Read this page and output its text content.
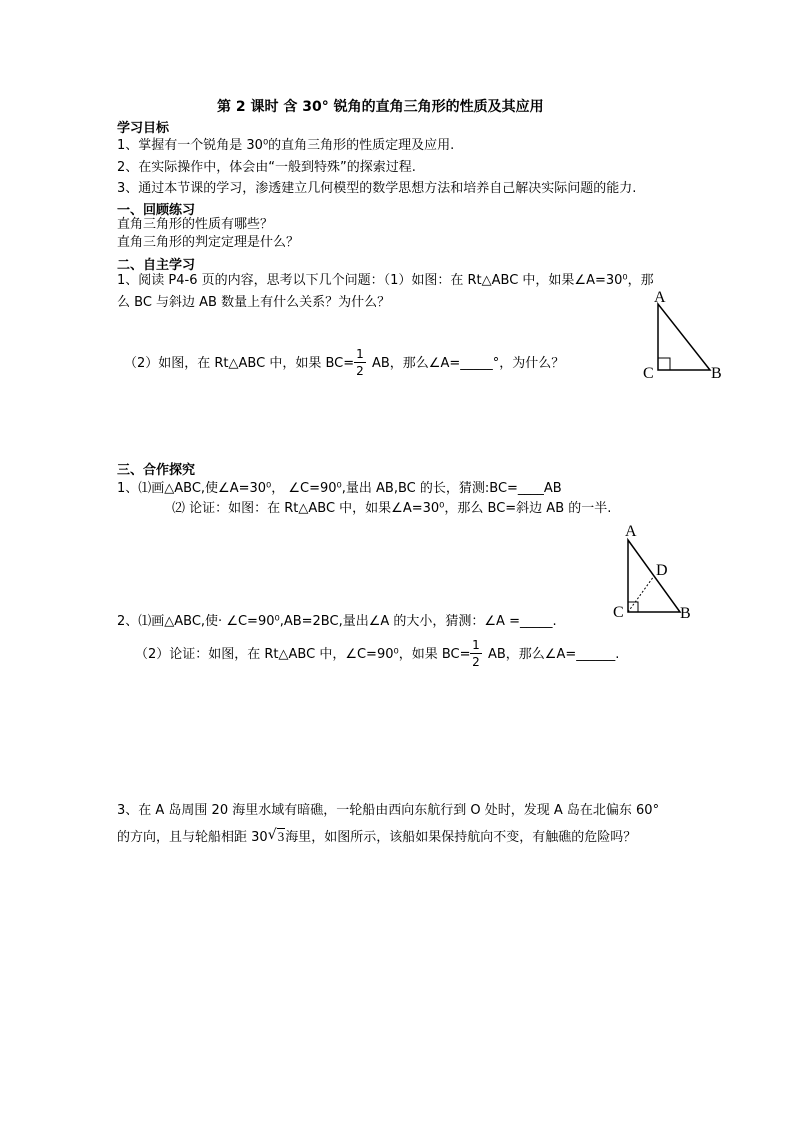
第 2 课时 含 30° 锐角的直角三角形的性质及其应用
学习目标
1、掌握有一个锐角是 30⁰的直角三角形的性质定理及应用.
2、在实际操作中，体会由“一般到特殊”的探索过程.
3、通过本节课的学习，渗透建立几何模型的数学思想方法和培养自己解决实际问题的能力.
一、回顾练习
直角三角形的性质有哪些？
直角三角形的判定定理是什么？
二、自主学习
1、阅读 P4-6 页的内容，思考以下几个问题：（1）如图：在 Rt△ABC 中，如果∠A=30⁰，那
么 BC 与斜边 AB 数量上有什么关系？为什么？
（2）如图，在 Rt△ABC 中，如果 BC=
1
2 AB，那么∠A=_____°，为什么？
A
C	B
三、合作探究
1、⑴画△ABC,使∠A=30⁰， ∠C=90⁰,量出 AB,BC 的长，猜测:BC=____AB
⑵ 论证：如图：在 Rt△ABC 中，如果∠A=30⁰，那么 BC=斜边 AB 的一半.
A
D
C	B
2、⑴画△ABC,使· ∠C=90⁰,AB=2BC,量出∠A 的大小，猜测：∠A =_____.
（2）论证：如图，在 Rt△ABC 中，∠C=90⁰，如果 BC=
1
2 AB，那么∠A=______.
3、在 A 岛周围 20 海里水域有暗礁，一轮船由西向东航行到 O 处时，发现 A 岛在北偏东 60°
的方向，且与轮船相距 30 √ 3海里，如图所示，该船如果保持航向不变，有触礁的危险吗？
